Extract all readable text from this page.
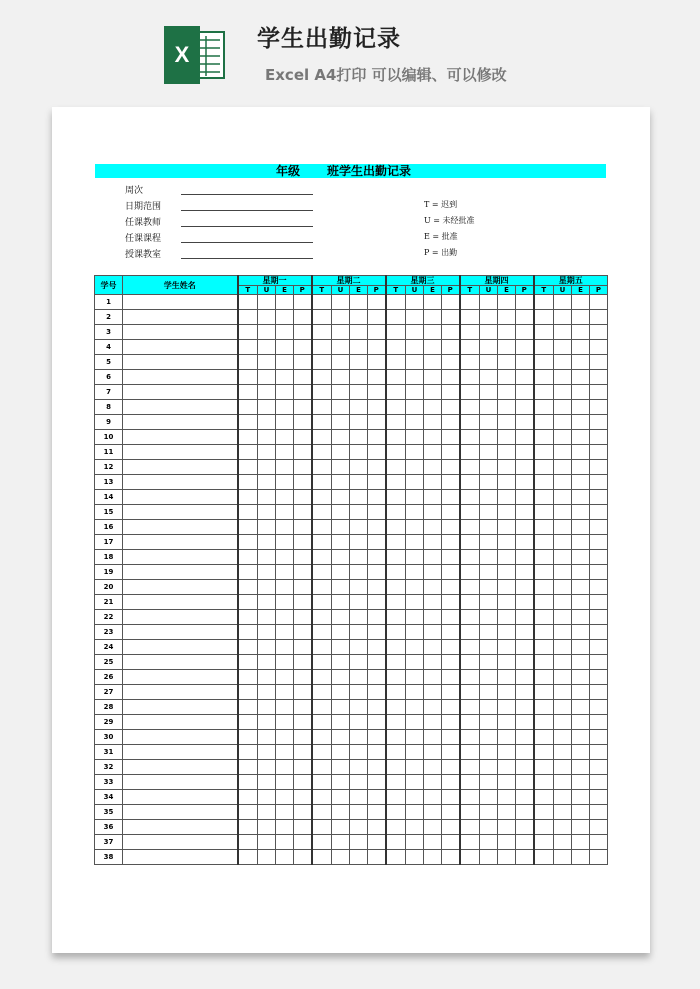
X
学生出勤记录
Excel A4打印 可以编辑、可以修改
年级 班学生出勤记录
周次
日期范围
任课教师
任课课程
授课教室
T = 迟到
U = 未经批准
E = 批准
P = 出勤
学号	学生姓名	星期一				星期二				星期三				星期四				星期五			
		T	U	E	P	T	U	E	P	T	U	E	P	T	U	E	P	T	U	E	P
1																					
2																					
3																					
4																					
5																					
6																					
7																					
8																					
9																					
10																					
11																					
12																					
13																					
14																					
15																					
16																					
17																					
18																					
19																					
20																					
21																					
22																					
23																					
24																					
25																					
26																					
27																					
28																					
29																					
30																					
31																					
32																					
33																					
34																					
35																					
36																					
37																					
38																					
